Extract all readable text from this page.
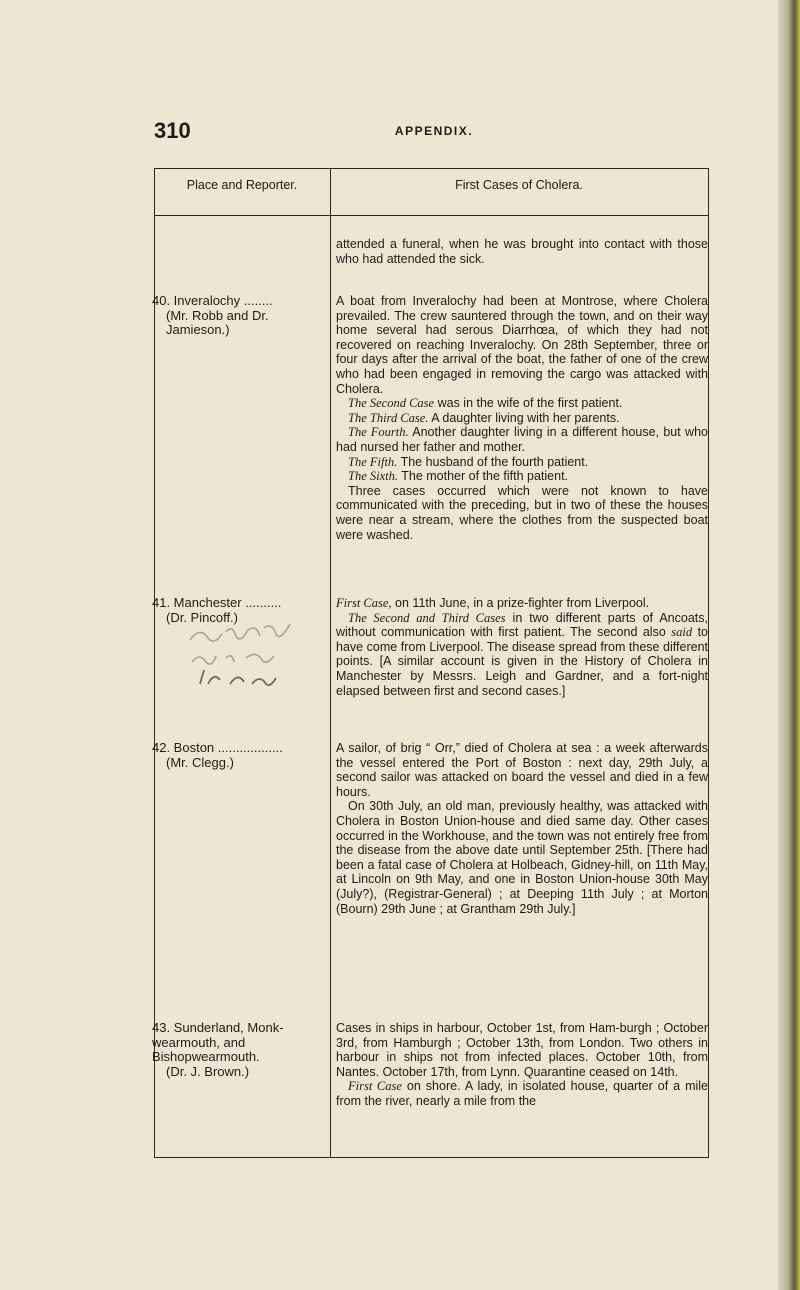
310	APPENDIX.
Place and Reporter.	First Cases of Cholera.

attended a funeral, when he was brought into contact with those who had attended the sick.

40. Inveralochy ........
(Mr. Robb and Dr. Jamieson.)

A boat from Inveralochy had been at Montrose, where Cholera prevailed. The crew sauntered through the town, and on their way home several had serous Diarrhœa, of which they had not recovered on reaching Inveralochy. On 28th September, three or four days after the arrival of the boat, the father of one of the crew who had been engaged in removing the cargo was attacked with Cholera.

The Second Case was in the wife of the first patient.

The Third Case. A daughter living with her parents.

The Fourth. Another daughter living in a different house, but who had nursed her father and mother.

The Fifth. The husband of the fourth patient.

The Sixth. The mother of the fifth patient.

Three cases occurred which were not known to have communicated with the preceding, but in two of these the houses were near a stream, where the clothes from the suspected boat were washed.

41. Manchester ..........
(Dr. Pincoff.)

First Case, on 11th June, in a prize-fighter from Liverpool.

The Second and Third Cases in two different parts of Ancoats, without communication with first patient. The second also said to have come from Liverpool. The disease spread from these different points. [A similar account is given in the History of Cholera in Manchester by Messrs. Leigh and Gardner, and a fort-night elapsed between first and second cases.]

42. Boston ..................
(Mr. Clegg.)

A sailor, of brig “ Orr,” died of Cholera at sea : a week afterwards the vessel entered the Port of Boston : next day, 29th July, a second sailor was attacked on board the vessel and died in a few hours.

On 30th July, an old man, previously healthy, was attacked with Cholera in Boston Union-house and died same day. Other cases occurred in the Workhouse, and the town was not entirely free from the disease from the above date until September 25th. [There had been a fatal case of Cholera at Holbeach, Gidney-hill, on 11th May, at Lincoln on 9th May, and one in Boston Union-house 30th May (July?), (Registrar-General) ; at Deeping 11th July ; at Morton (Bourn) 29th June ; at Grantham 29th July.]

43. Sunderland, Monk-wearmouth, and Bishopwearmouth.
(Dr. J. Brown.)

Cases in ships in harbour, October 1st, from Ham-burgh ; October 3rd, from Hamburgh ; October 13th, from London. Two others in harbour in ships not from infected places. October 10th, from Nantes. October 17th, from Lynn. Quarantine ceased on 14th.

First Case on shore. A lady, in isolated house, quarter of a mile from the river, nearly a mile from the
